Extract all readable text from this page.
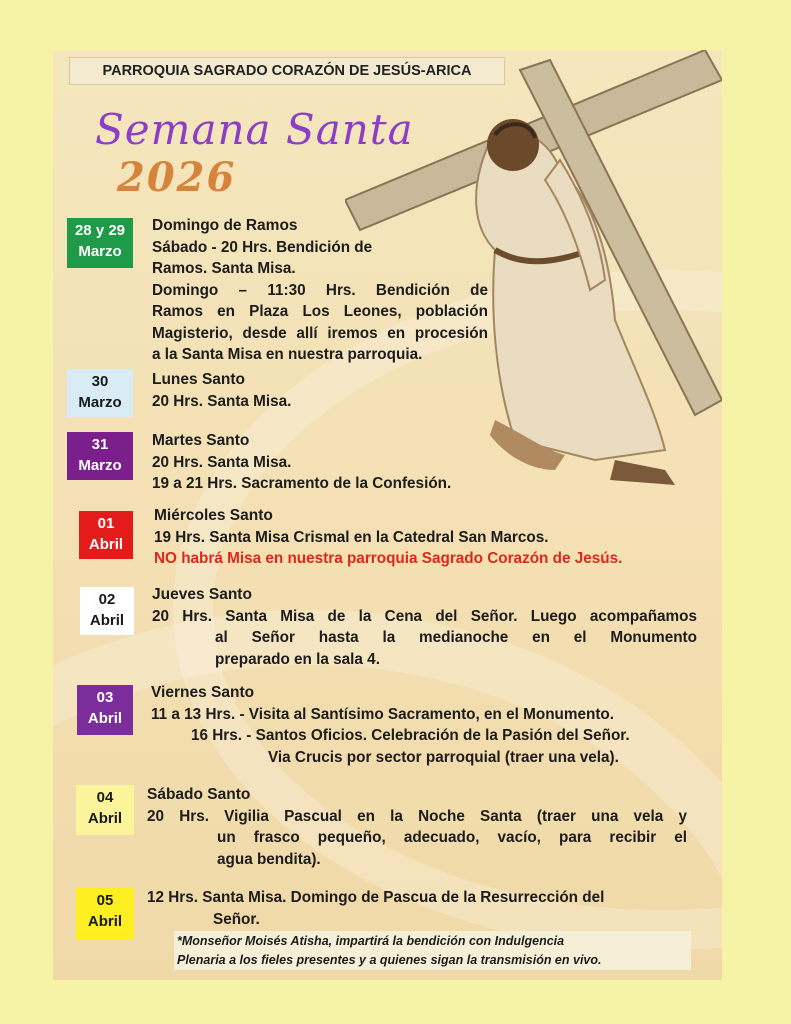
PARROQUIA SAGRADO CORAZÓN DE JESÚS-ARICA
Semana Santa
2026
28 y 29
Marzo
Domingo de Ramos
Sábado - 20 Hrs. Bendición de
Ramos. Santa Misa.
Domingo – 11:30 Hrs. Bendición de
Ramos en Plaza Los Leones, población
Magisterio, desde allí iremos en procesión
a la Santa Misa en nuestra parroquia.
30
Marzo
Lunes Santo
20 Hrs. Santa Misa.
31
Marzo
Martes Santo
20 Hrs. Santa Misa.
19 a 21 Hrs. Sacramento de la Confesión.
01
Abril
Miércoles Santo
19 Hrs. Santa Misa Crismal en la Catedral San Marcos.
NO habrá Misa en nuestra parroquia Sagrado Corazón de Jesús.
02
Abril
Jueves Santo
20 Hrs. Santa Misa de la Cena del Señor. Luego acompañamos
al Señor hasta la medianoche en el Monumento
preparado en la sala 4.
03
Abril
Viernes Santo
11 a 13 Hrs. - Visita al Santísimo Sacramento, en el Monumento.
16 Hrs. - Santos Oficios. Celebración de la Pasión del Señor.
Via Crucis por sector parroquial (traer una vela).
04
Abril
Sábado Santo
20 Hrs. Vigilia Pascual en la Noche Santa (traer una vela y
un frasco pequeño, adecuado, vacío, para recibir el
agua bendita).
05
Abril
12 Hrs. Santa Misa. Domingo de Pascua de la Resurrección del
Señor.
*Monseñor Moisés Atisha, impartirá la bendición con Indulgencia
Plenaria a los fieles presentes y a quienes sigan la transmisión en vivo.
